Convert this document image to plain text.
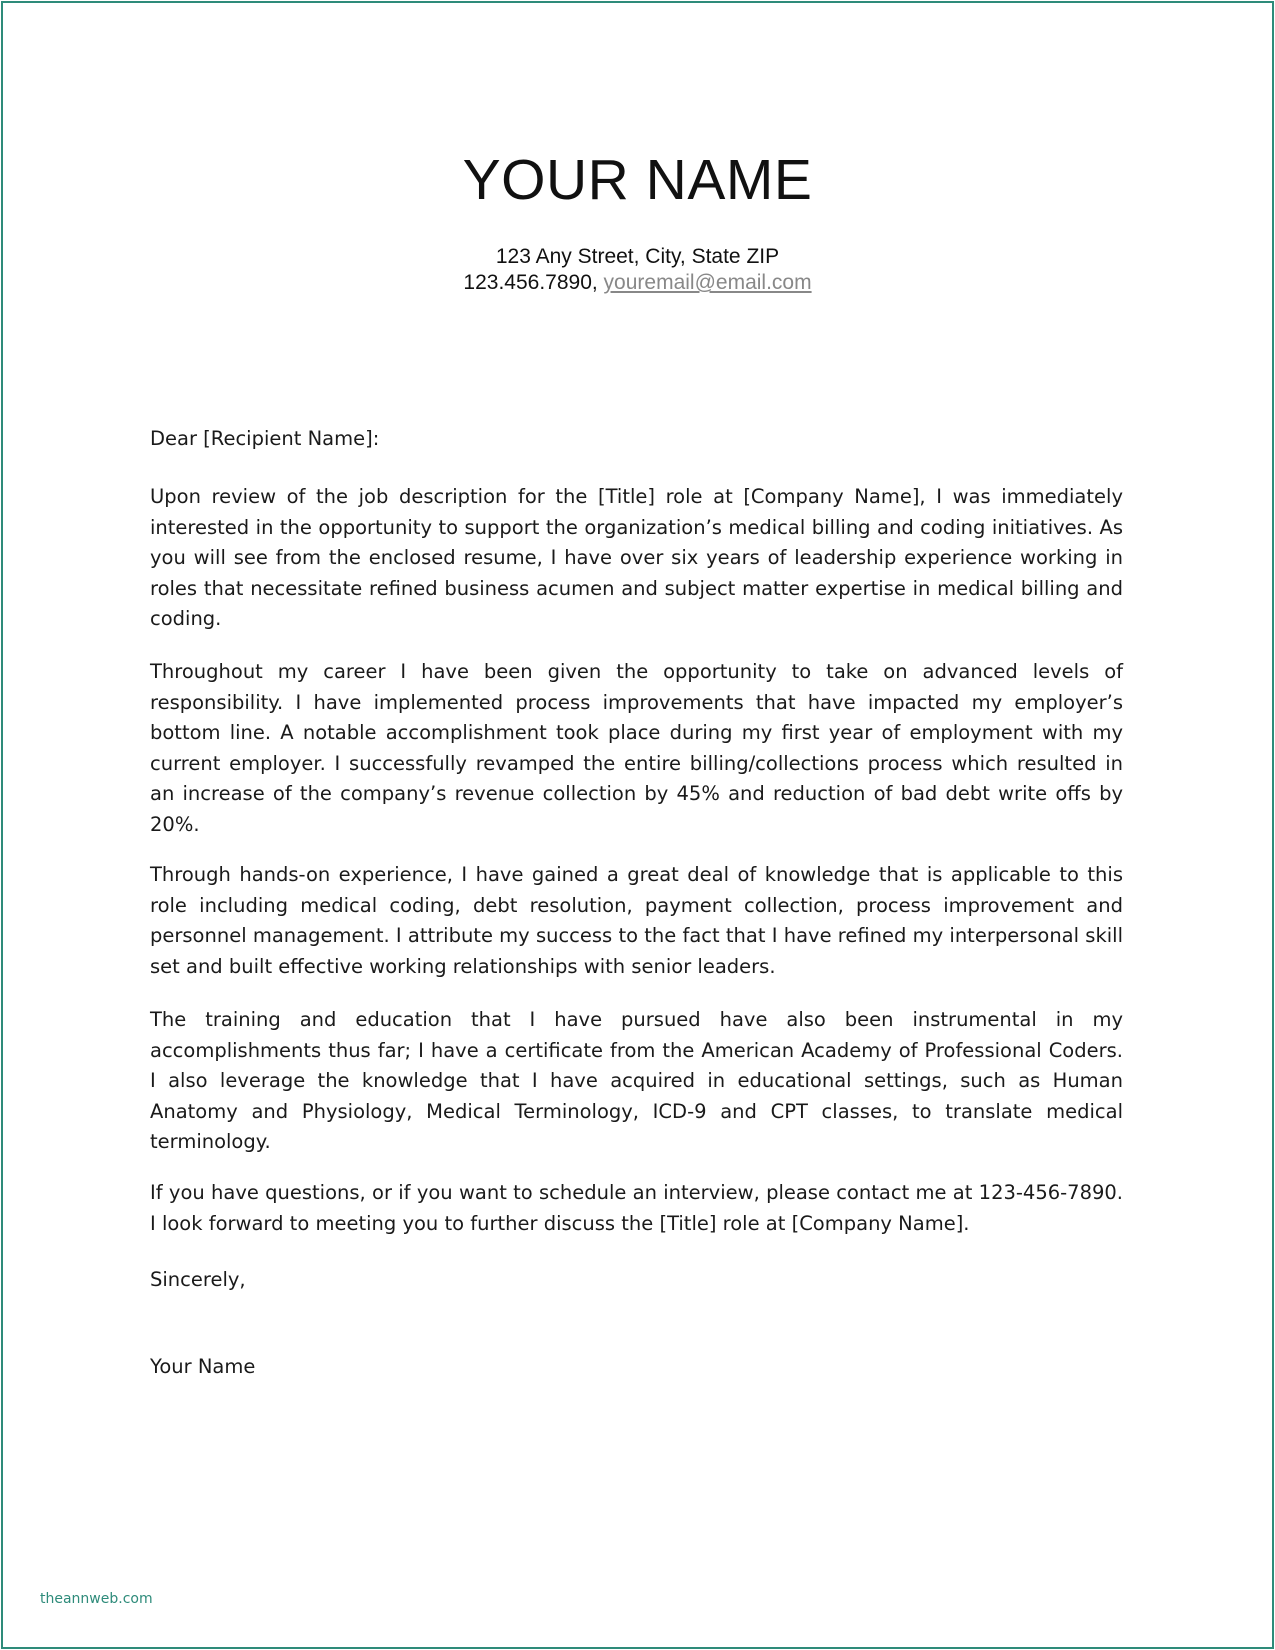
YOUR NAME
123 Any Street, City, State ZIP
123.456.7890, youremail@email.com

Dear [Recipient Name]:

Upon review of the job description for the [Title] role at [Company Name], I was immediately interested in the opportunity to support the organization’s medical billing and coding initiatives. As you will see from the enclosed resume, I have over six years of leadership experience working in roles that necessitate refined business acumen and subject matter expertise in medical billing and coding.

Throughout my career I have been given the opportunity to take on advanced levels of responsibility. I have implemented process improvements that have impacted my employer’s bottom line. A notable accomplishment took place during my first year of employment with my current employer. I successfully revamped the entire billing/collections process which resulted in an increase of the company’s revenue collection by 45% and reduction of bad debt write offs by 20%.

Through hands-on experience, I have gained a great deal of knowledge that is applicable to this role including medical coding, debt resolution, payment collection, process improvement and personnel management. I attribute my success to the fact that I have refined my interpersonal skill set and built effective working relationships with senior leaders.

The training and education that I have pursued have also been instrumental in my accomplishments thus far; I have a certificate from the American Academy of Professional Coders. I also leverage the knowledge that I have acquired in educational settings, such as Human Anatomy and Physiology, Medical Terminology, ICD-9 and CPT classes, to translate medical terminology.

If you have questions, or if you want to schedule an interview, please contact me at 123-456-7890. I look forward to meeting you to further discuss the [Title] role at [Company Name].

Sincerely,

Your Name

theannweb.com
